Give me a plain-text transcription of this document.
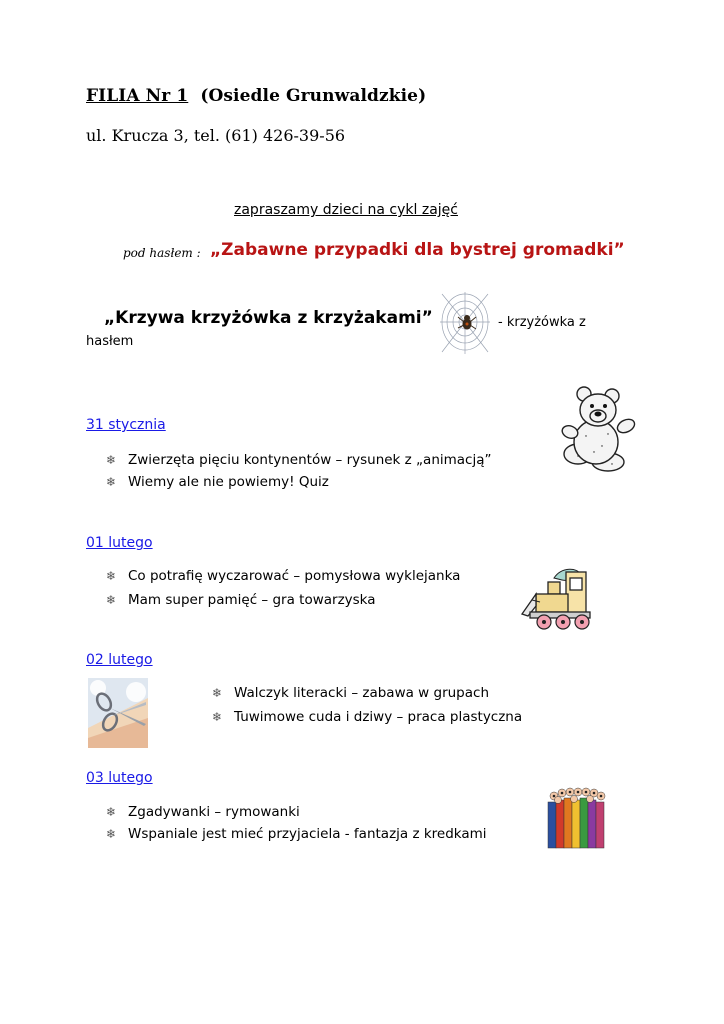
FILIA Nr 1 (Osiedle Grunwaldzkie)
ul. Krucza 3, tel. (61) 426-39-56
zapraszamy dzieci na cykl zajęć
pod hasłem : „Zabawne przypadki dla bystrej gromadki”
„Krzywa krzyżówka z krzyżakami”	- krzyżówka z
hasłem
31 stycznia
❄ Zwierzęta pięciu kontynentów – rysunek z „animacją”
❄ Wiemy ale nie powiemy! Quiz
01 lutego
❄ Co potrafię wyczarować – pomysłowa wyklejanka
❄ Mam super pamięć – gra towarzyska
02 lutego
❄ Walczyk literacki – zabawa w grupach
❄ Tuwimowe cuda i dziwy – praca plastyczna
03 lutego
❄ Zgadywanki – rymowanki
❄ Wspaniale jest mieć przyjaciela - fantazja z kredkami
